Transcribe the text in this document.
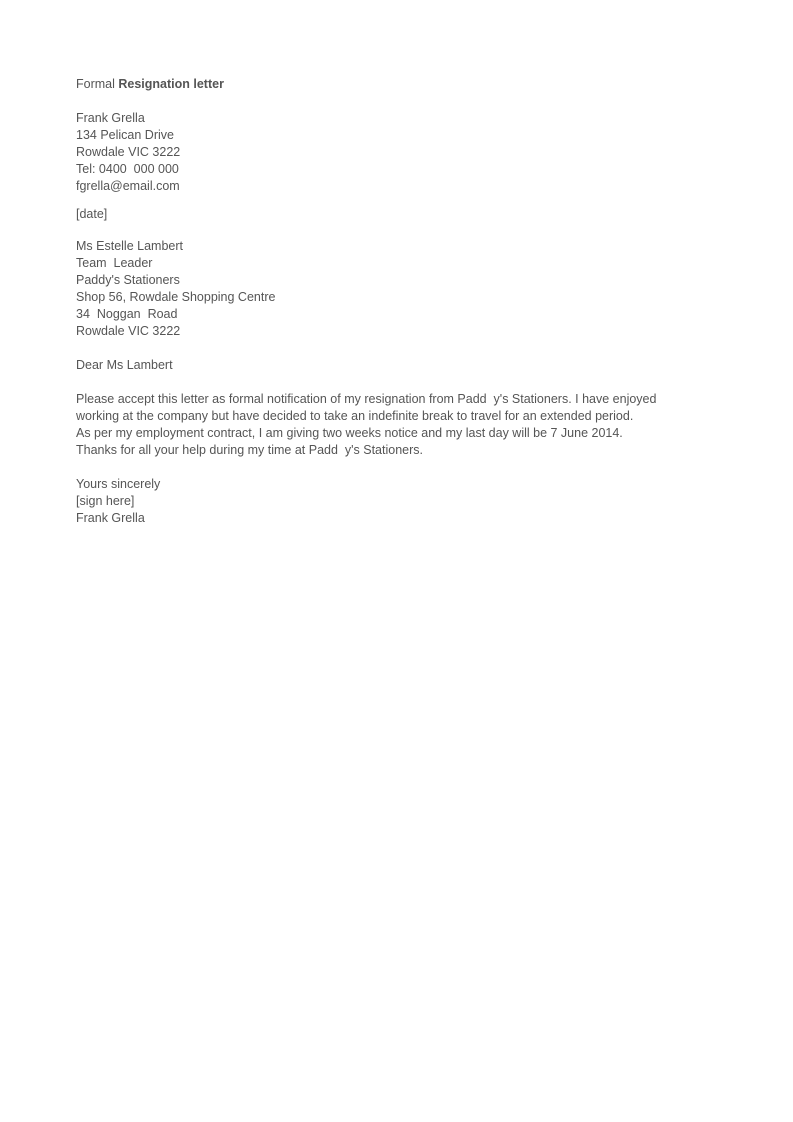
Formal Resignation letter
Frank Grella
134 Pelican Drive
Rowdale VIC 3222
Tel: 0400  000 000
fgrella@email.com
[date]
Ms Estelle Lambert
Team  Leader
Paddy's Stationers
Shop 56, Rowdale Shopping Centre
34  Noggan  Road
Rowdale VIC 3222
Dear Ms Lambert
Please accept this letter as formal notification of my resignation from Padd  y's Stationers. I have enjoyed
working at the company but have decided to take an indefinite break to travel for an extended period.
As per my employment contract, I am giving two weeks notice and my last day will be 7 June 2014.
Thanks for all your help during my time at Padd  y's Stationers.
Yours sincerely
[sign here]
Frank Grella
